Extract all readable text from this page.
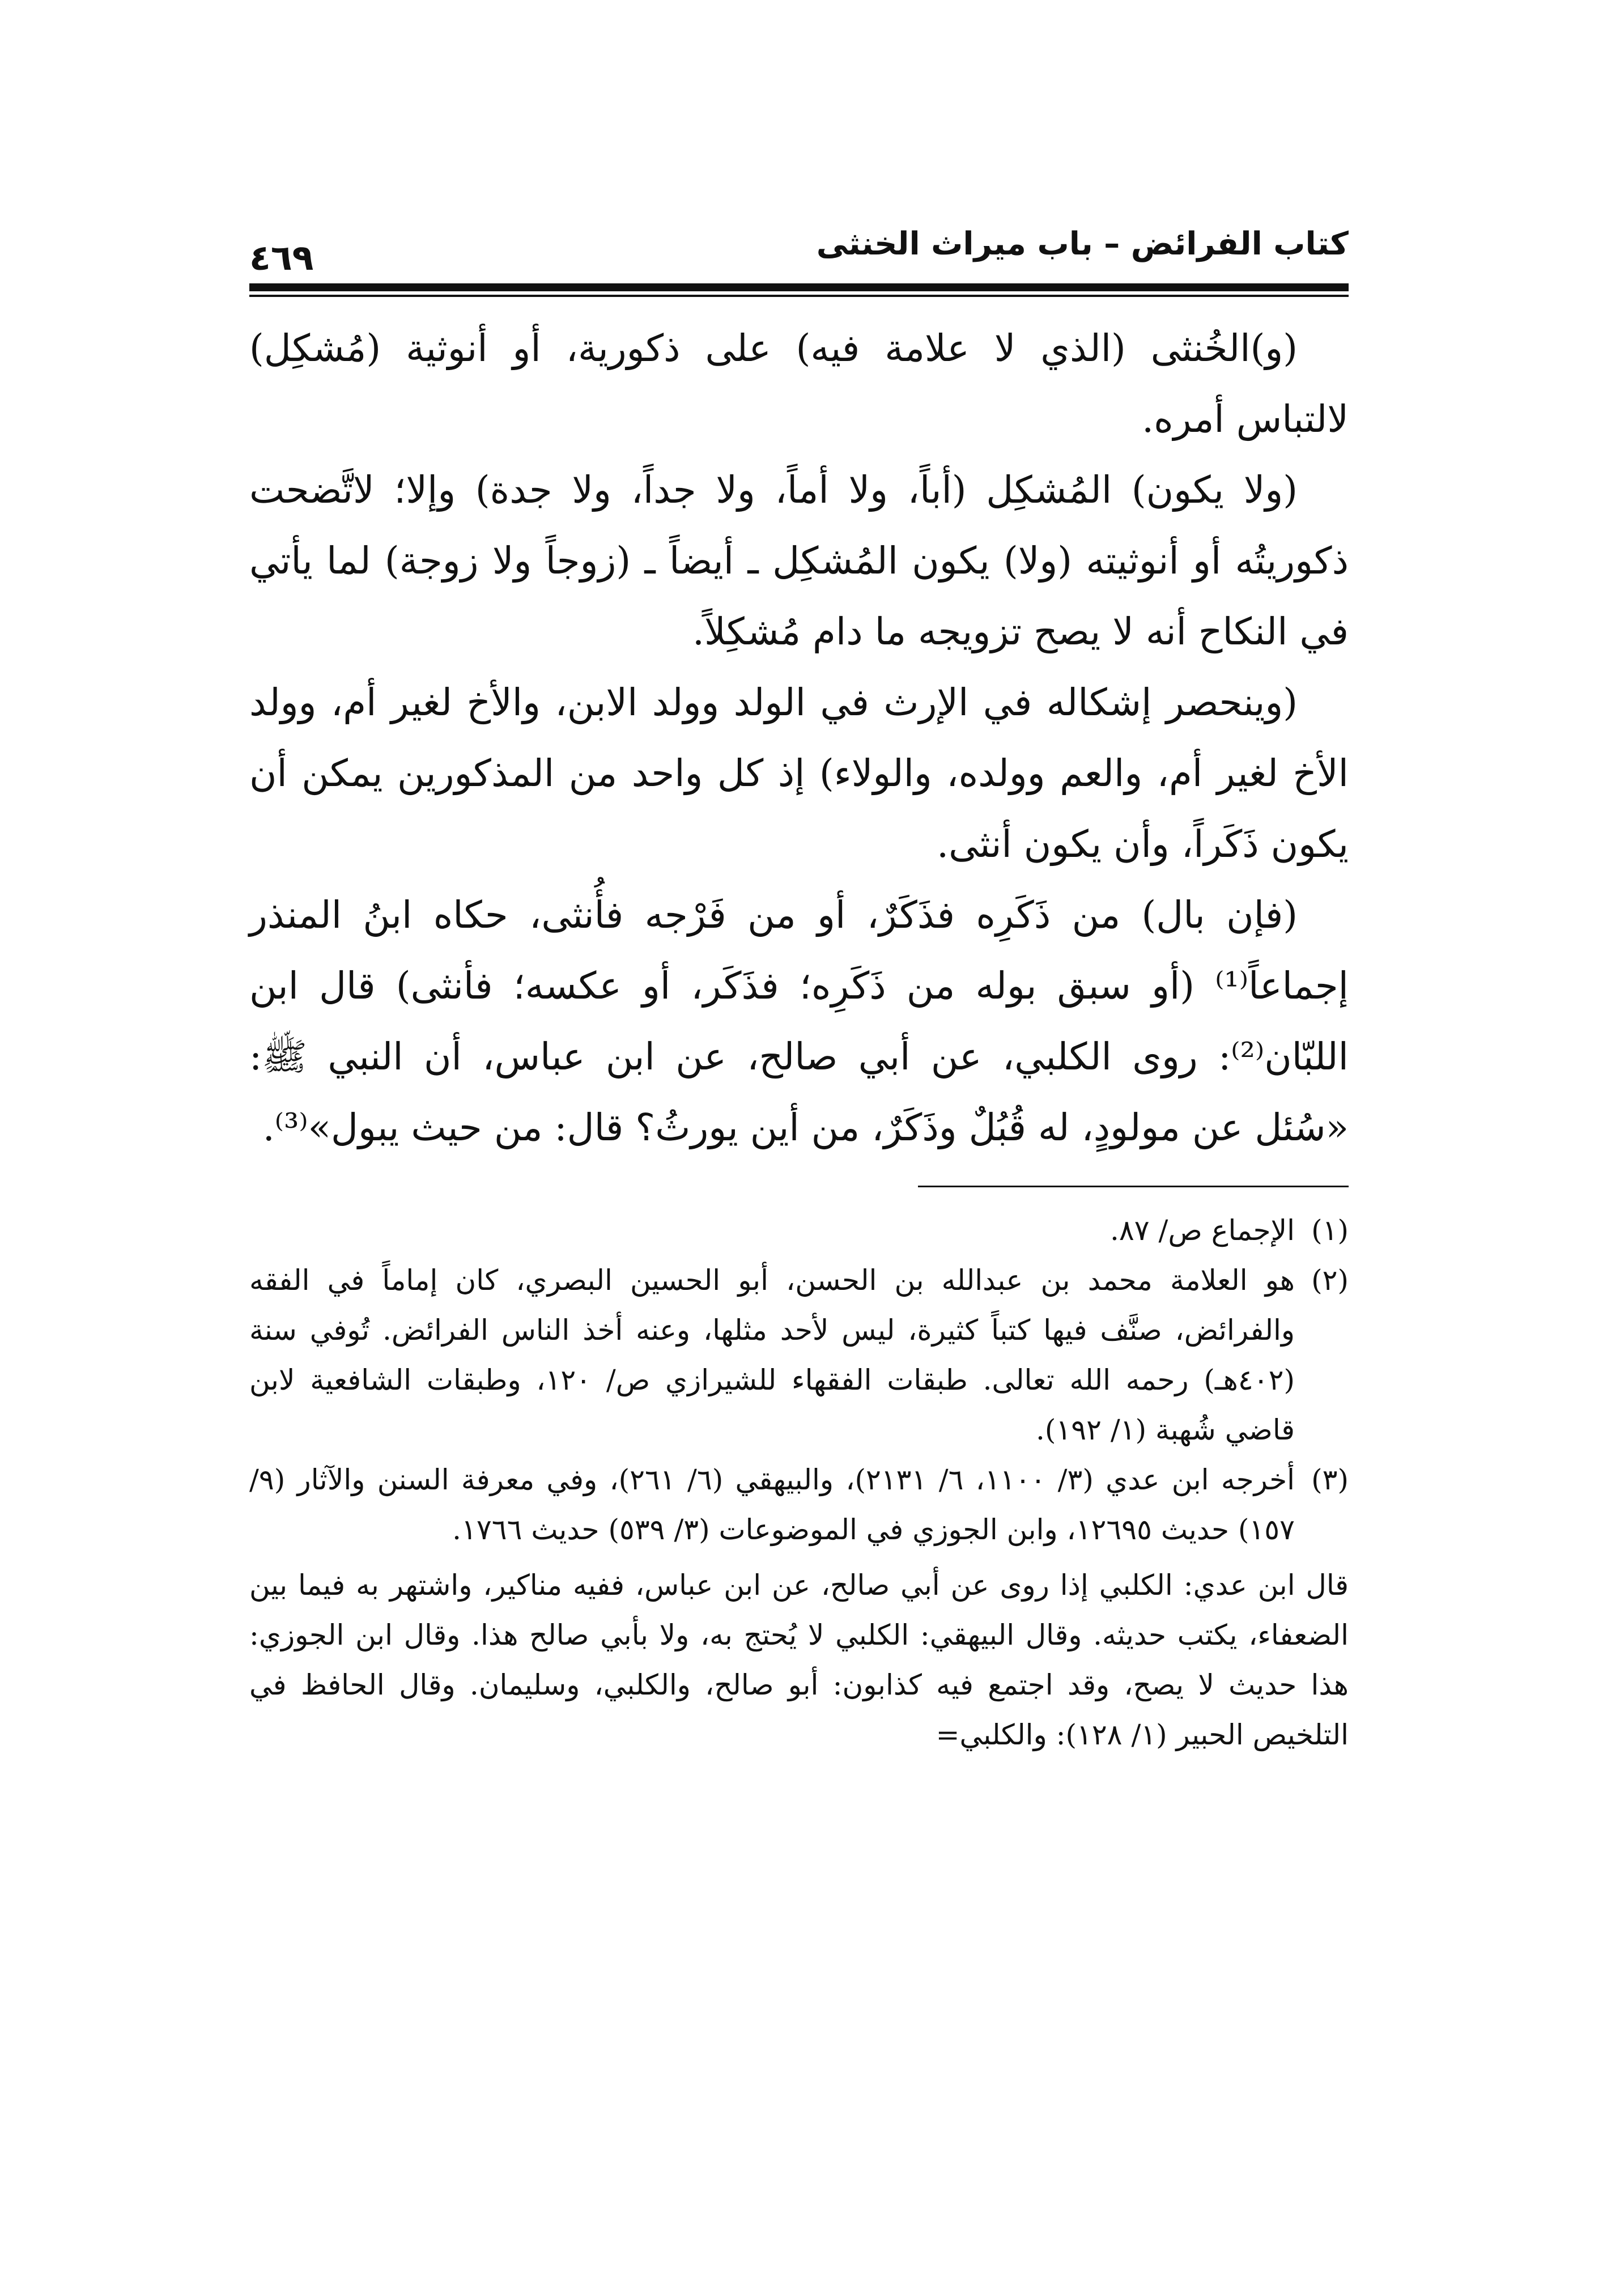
كتاب الفرائض – باب ميراث الخنثى
٤٦٩

(و)الخُنثى (الذي لا علامة فيه) على ذكورية، أو أنوثية (مُشكِل) لالتباس أمره.

(ولا يكون) المُشكِل (أباً، ولا أماً، ولا جداً، ولا جدة) وإلا؛ لاتَّضحت ذكوريتُه أو أنوثيته (ولا) يكون المُشكِل ـ أيضاً ـ (زوجاً ولا زوجة) لما يأتي في النكاح أنه لا يصح تزويجه ما دام مُشكِلاً.

(وينحصر إشكاله في الإرث في الولد وولد الابن، والأخ لغير أم، وولد الأخ لغير أم، والعم وولده، والولاء) إذ كل واحد من المذكورين يمكن أن يكون ذَكَراً، وأن يكون أنثى.

(فإن بال) من ذَكَرِه فذَكَرٌ، أو من فَرْجه فأُنثى، حكاه ابنُ المنذر إجماعاً⁽¹⁾ (أو سبق بوله من ذَكَرِه؛ فذَكَر، أو عكسه؛ فأنثى) قال ابن اللبّان⁽²⁾: روى الكلبي، عن أبي صالح، عن ابن عباس، أن النبي ﷺ: «سُئل عن مولودٍ، له قُبُلٌ وذَكَرٌ، من أين يورثُ؟ قال: من حيث يبول»⁽³⁾.

(١)
الإجماع ص/ ٨٧.
(٢)
هو العلامة محمد بن عبدالله بن الحسن، أبو الحسين البصري، كان إماماً في الفقه والفرائض، صنَّف فيها كتباً كثيرة، ليس لأحد مثلها، وعنه أخذ الناس الفرائض. تُوفي سنة (٤٠٢هـ) رحمه الله تعالى. طبقات الفقهاء للشيرازي ص/ ١٢٠، وطبقات الشافعية لابن قاضي شُهبة (١/ ١٩٢).
(٣)
أخرجه ابن عدي (٣/ ١١٠٠، ٦/ ٢١٣١)، والبيهقي (٦/ ٢٦١)، وفي معرفة السنن والآثار (٩/ ١٥٧) حديث ١٢٦٩٥، وابن الجوزي في الموضوعات (٣/ ٥٣٩) حديث ١٧٦٦.

قال ابن عدي: الكلبي إذا روى عن أبي صالح، عن ابن عباس، ففيه مناكير، واشتهر به فيما بين الضعفاء، يكتب حديثه. وقال البيهقي: الكلبي لا يُحتج به، ولا بأبي صالح هذا. وقال ابن الجوزي: هذا حديث لا يصح، وقد اجتمع فيه كذابون: أبو صالح، والكلبي، وسليمان. وقال الحافظ في التلخيص الحبير (١/ ١٢٨): والكلبي=
